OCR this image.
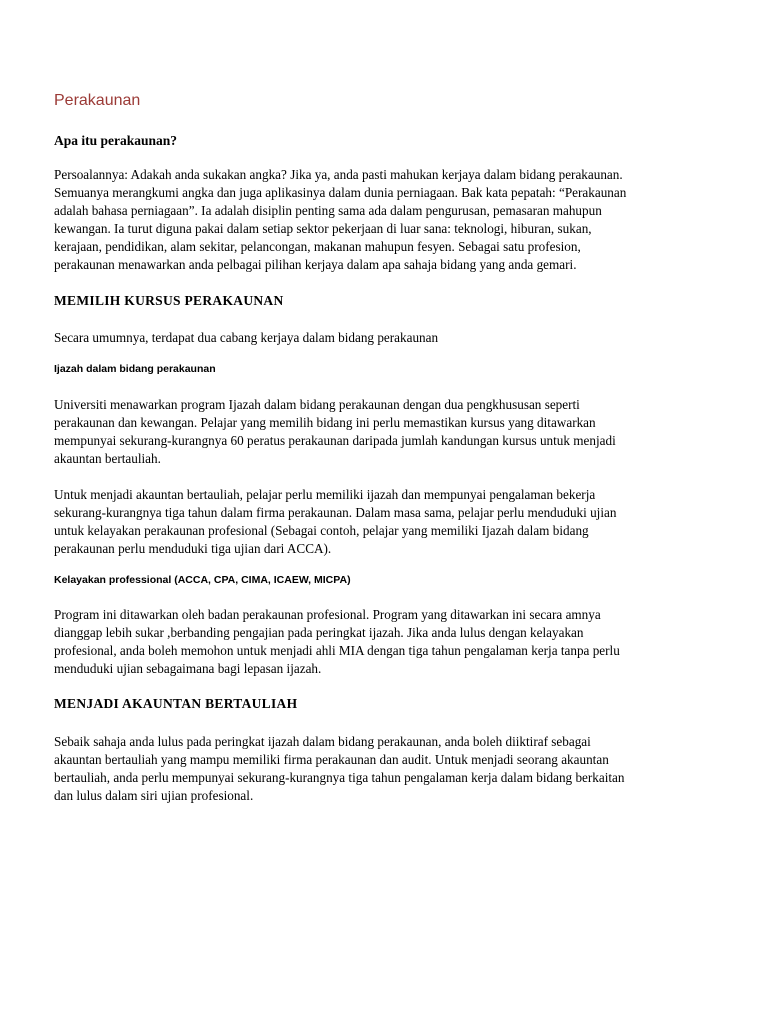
Perakaunan
Apa itu perakaunan?
Persoalannya: Adakah anda sukakan angka? Jika ya, anda pasti mahukan kerjaya dalam bidang perakaunan.
Semuanya merangkumi angka dan juga aplikasinya dalam dunia perniagaan. Bak kata pepatah: “Perakaunan
adalah bahasa perniagaan”. Ia adalah disiplin penting sama ada dalam pengurusan, pemasaran mahupun
kewangan. Ia turut diguna pakai dalam setiap sektor pekerjaan di luar sana: teknologi, hiburan, sukan,
kerajaan, pendidikan, alam sekitar, pelancongan, makanan mahupun fesyen. Sebagai satu profesion,
perakaunan menawarkan anda pelbagai pilihan kerjaya dalam apa sahaja bidang yang anda gemari.
MEMILIH KURSUS PERAKAUNAN
Secara umumnya, terdapat dua cabang kerjaya dalam bidang perakaunan
Ijazah dalam bidang perakaunan
Universiti menawarkan program Ijazah dalam bidang perakaunan dengan dua pengkhususan seperti
perakaunan dan kewangan. Pelajar yang memilih bidang ini perlu memastikan kursus yang ditawarkan
mempunyai sekurang-kurangnya 60 peratus perakaunan daripada jumlah kandungan kursus untuk menjadi
akauntan bertauliah.
Untuk menjadi akauntan bertauliah, pelajar perlu memiliki ijazah dan mempunyai pengalaman bekerja
sekurang-kurangnya tiga tahun dalam firma perakaunan. Dalam masa sama, pelajar perlu menduduki ujian
untuk kelayakan perakaunan profesional (Sebagai contoh, pelajar yang memiliki Ijazah dalam bidang
perakaunan perlu menduduki tiga ujian dari ACCA).
Kelayakan professional (ACCA, CPA, CIMA, ICAEW, MICPA)
Program ini ditawarkan oleh badan perakaunan profesional. Program yang ditawarkan ini secara amnya
dianggap lebih sukar ,berbanding pengajian pada peringkat ijazah. Jika anda lulus dengan kelayakan
profesional, anda boleh memohon untuk menjadi ahli MIA dengan tiga tahun pengalaman kerja tanpa perlu
menduduki ujian sebagaimana bagi lepasan ijazah.
MENJADI AKAUNTAN BERTAULIAH
Sebaik sahaja anda lulus pada peringkat ijazah dalam bidang perakaunan, anda boleh diiktiraf sebagai
akauntan bertauliah yang mampu memiliki firma perakaunan dan audit. Untuk menjadi seorang akauntan
bertauliah, anda perlu mempunyai sekurang-kurangnya tiga tahun pengalaman kerja dalam bidang berkaitan
dan lulus dalam siri ujian profesional.
